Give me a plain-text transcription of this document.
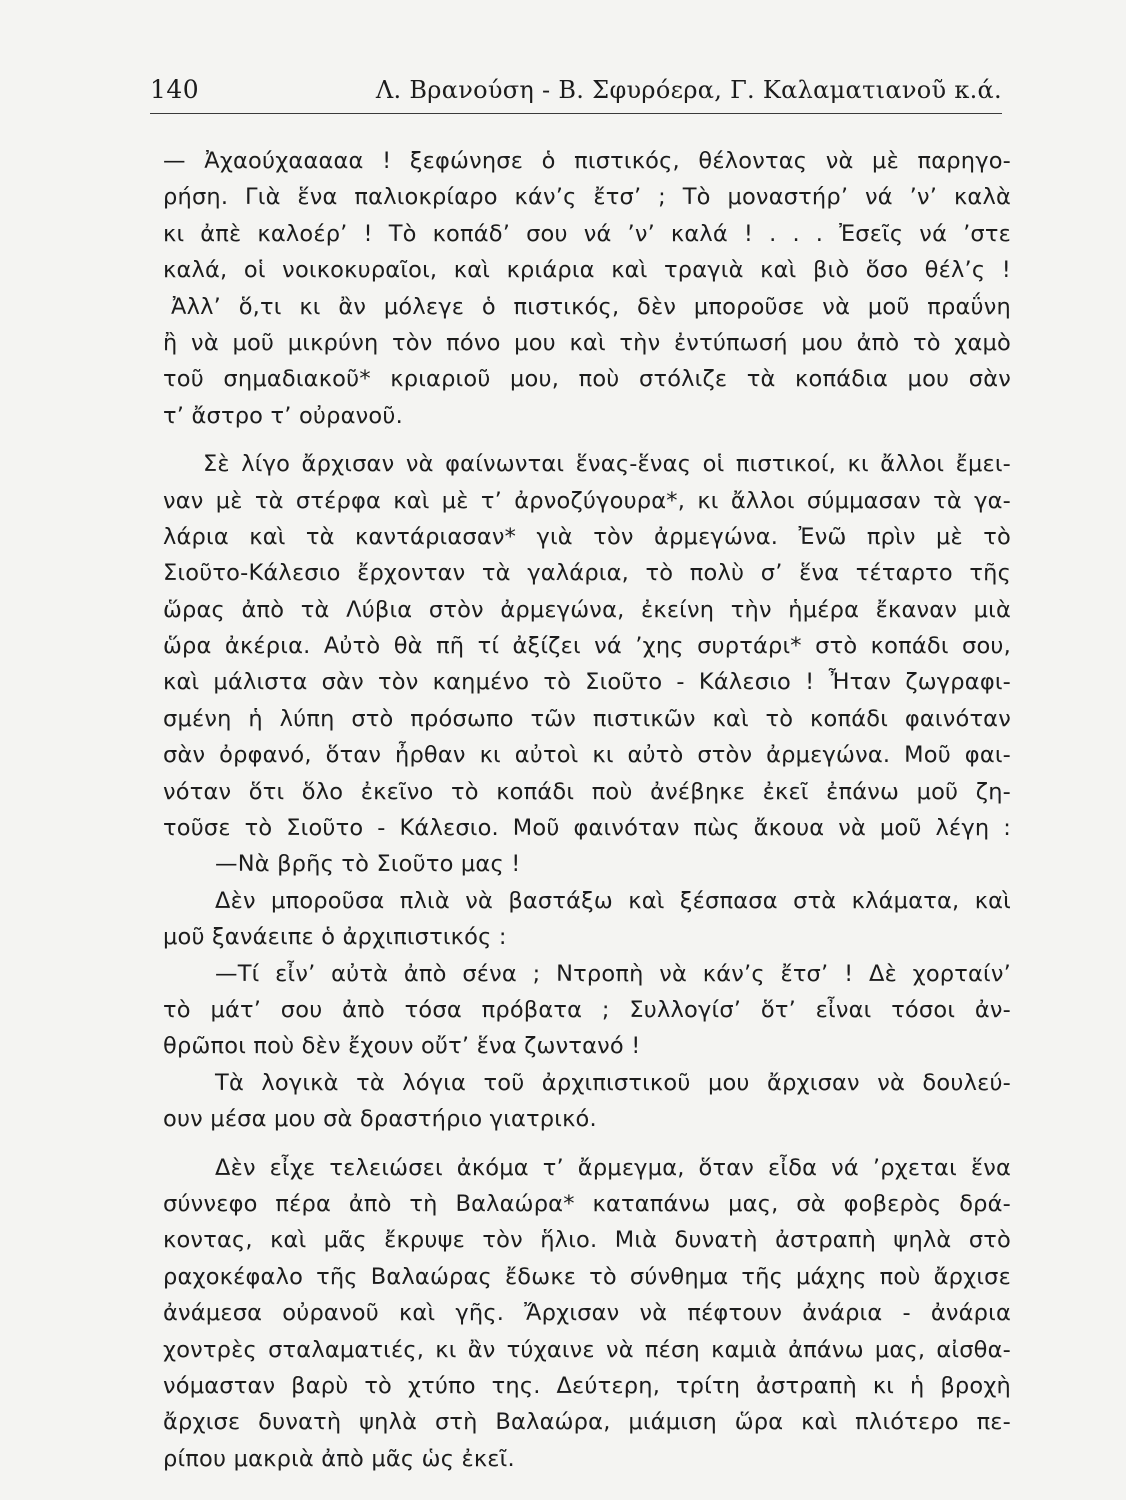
140	Λ. Βρανούση - Β. Σφυρόερα, Γ. Καλαματιανοῦ κ.ά.
— Ἀχαούχααααα ! ξεφώνησε ὁ πιστικός, θέλοντας νὰ μὲ παρηγο-
ρήση. Γιὰ ἕνα παλιοκρίαρο κάν’ς ἔτσ’ ; Τὸ μοναστήρ’ νά ’ν’ καλὰ
κι ἀπὲ καλοέρ’ ! Τὸ κοπάδ’ σου νά ’ν’ καλά ! . . . Ἐσεῖς νά ’στε
καλά, οἱ νοικοκυραῖοι, καὶ κριάρια καὶ τραγιὰ καὶ βιὸ ὅσο θέλ’ς !
Ἀλλ’ ὅ,τι κι ἂν μόλεγε ὁ πιστικός, δὲν μποροῦσε νὰ μοῦ πραΰνη
ἢ νὰ μοῦ μικρύνη τὸν πόνο μου καὶ τὴν ἐντύπωσή μου ἀπὸ τὸ χαμὸ
τοῦ σημαδιακοῦ* κριαριοῦ μου, ποὺ στόλιζε τὰ κοπάδια μου σὰν
τ’ ἄστρο τ’ οὐρανοῦ.
Σὲ λίγο ἄρχισαν νὰ φαίνωνται ἕνας-ἕνας οἱ πιστικοί, κι ἄλλοι ἔμει-
ναν μὲ τὰ στέρφα καὶ μὲ τ’ ἀρνοζύγουρα*, κι ἄλλοι σύμμασαν τὰ γα-
λάρια καὶ τὰ καντάριασαν* γιὰ τὸν ἀρμεγώνα. Ἐνῶ πρὶν μὲ τὸ
Σιοῦτο-Κάλεσιο ἔρχονταν τὰ γαλάρια, τὸ πολὺ σ’ ἕνα τέταρτο τῆς
ὥρας ἀπὸ τὰ Λύβια στὸν ἀρμεγώνα, ἐκείνη τὴν ἡμέρα ἔκαναν μιὰ
ὥρα ἀκέρια. Αὐτὸ θὰ πῆ τί ἀξίζει νά ’χης συρτάρι* στὸ κοπάδι σου,
καὶ μάλιστα σὰν τὸν καημένο τὸ Σιοῦτο - Κάλεσιο ! Ἦταν ζωγραφι-
σμένη ἡ λύπη στὸ πρόσωπο τῶν πιστικῶν καὶ τὸ κοπάδι φαινόταν
σὰν ὀρφανό, ὅταν ἦρθαν κι αὐτοὶ κι αὐτὸ στὸν ἀρμεγώνα. Μοῦ φαι-
νόταν ὅτι ὅλο ἐκεῖνο τὸ κοπάδι ποὺ ἀνέβηκε ἐκεῖ ἐπάνω μοῦ ζη-
τοῦσε τὸ Σιοῦτο - Κάλεσιο. Μοῦ φαινόταν πὼς ἄκουα νὰ μοῦ λέγη :
—Νὰ βρῆς τὸ Σιοῦτο μας !
Δὲν μποροῦσα πλιὰ νὰ βαστάξω καὶ ξέσπασα στὰ κλάματα, καὶ
μοῦ ξανάειπε ὁ ἀρχιπιστικός :
—Τί εἶν’ αὐτὰ ἀπὸ σένα ; Ντροπὴ νὰ κάν’ς ἔτσ’ ! Δὲ χορταίν’
τὸ μάτ’ σου ἀπὸ τόσα πρόβατα ; Συλλογίσ’ ὅτ’ εἶναι τόσοι ἀν-
θρῶποι ποὺ δὲν ἔχουν οὔτ’ ἕνα ζωντανό !
Τὰ λογικὰ τὰ λόγια τοῦ ἀρχιπιστικοῦ μου ἄρχισαν νὰ δουλεύ-
ουν μέσα μου σὰ δραστήριο γιατρικό.
Δὲν εἶχε τελειώσει ἀκόμα τ’ ἄρμεγμα, ὅταν εἶδα νά ’ρχεται ἕνα
σύννεφο πέρα ἀπὸ τὴ Βαλαώρα* καταπάνω μας, σὰ φοβερὸς δρά-
κοντας, καὶ μᾶς ἔκρυψε τὸν ἥλιο. Μιὰ δυνατὴ ἀστραπὴ ψηλὰ στὸ
ραχοκέφαλο τῆς Βαλαώρας ἔδωκε τὸ σύνθημα τῆς μάχης ποὺ ἄρχισε
ἀνάμεσα οὐρανοῦ καὶ γῆς. Ἄρχισαν νὰ πέφτουν ἀνάρια - ἀνάρια
χοντρὲς σταλαματιές, κι ἂν τύχαινε νὰ πέση καμιὰ ἀπάνω μας, αἰσθα-
νόμασταν βαρὺ τὸ χτύπο της. Δεύτερη, τρίτη ἀστραπὴ κι ἡ βροχὴ
ἄρχισε δυνατὴ ψηλὰ στὴ Βαλαώρα, μιάμιση ὥρα καὶ πλιότερο πε-
ρίπου μακριὰ ἀπὸ μᾶς ὡς ἐκεῖ.
